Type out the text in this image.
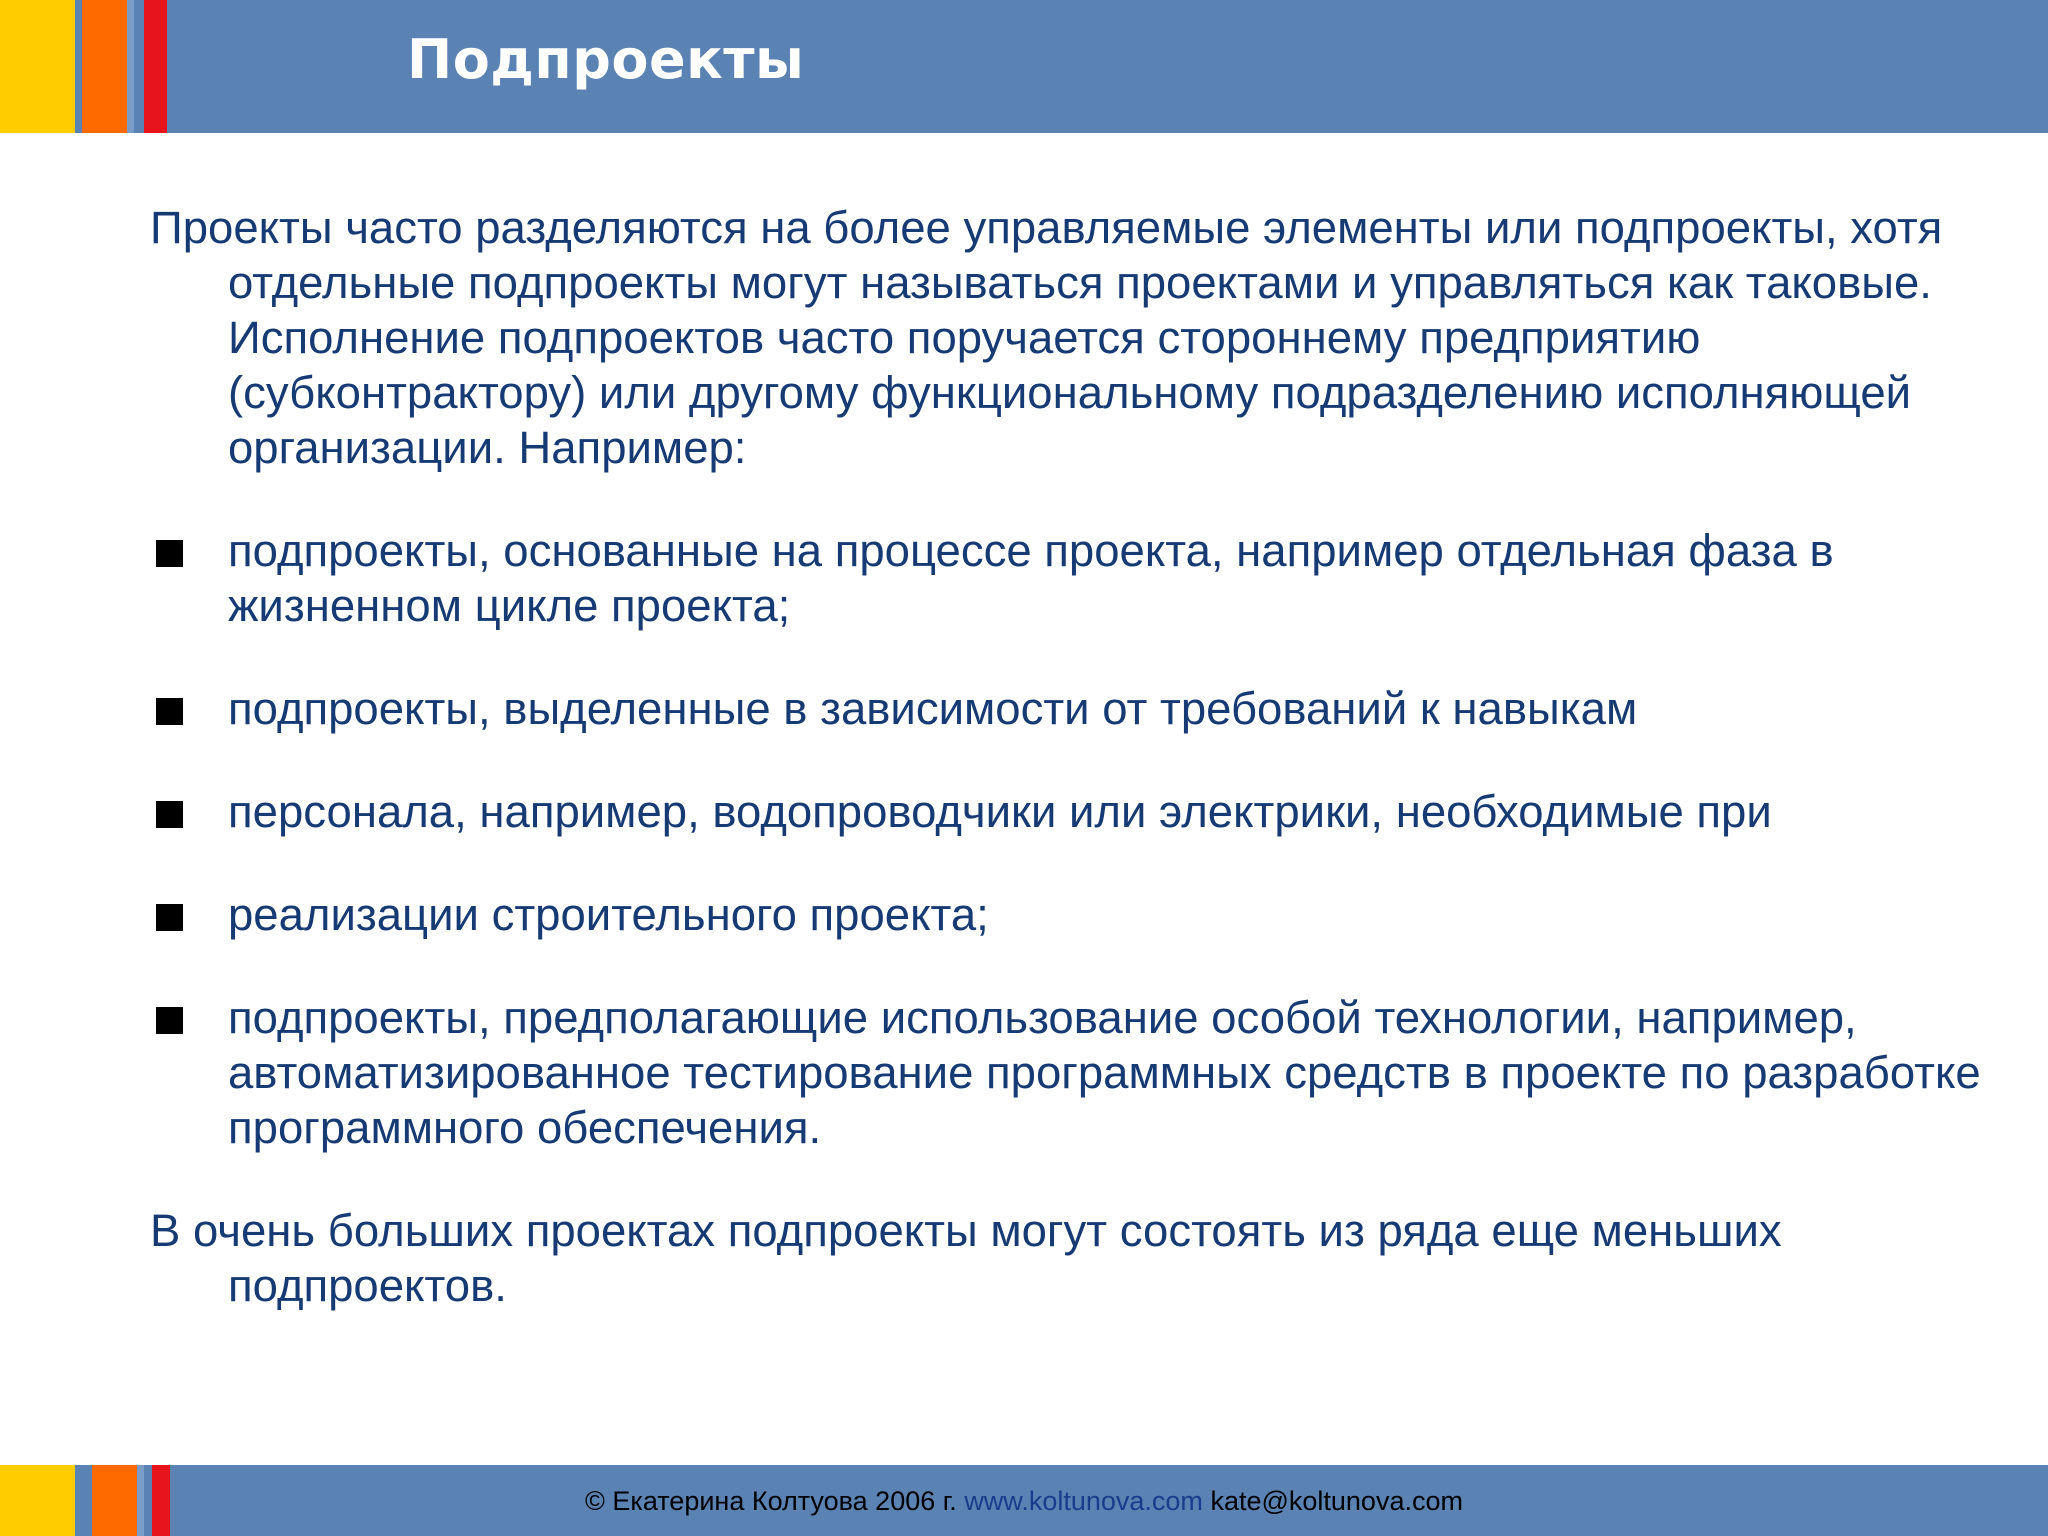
Подпроекты

Проекты часто разделяются на более управляемые элементы или подпроекты, хотя отдельные подпроекты могут называться проектами и управляться как таковые. Исполнение подпроектов часто поручается стороннему предприятию (субконтрактору) или другому функциональному подразделению исполняющей организации. Например:

подпроекты, основанные на процессе проекта, например отдельная фаза в жизненном цикле проекта;
подпроекты, выделенные в зависимости от требований к навыкам
персонала, например, водопроводчики или электрики, необходимые при
реализации строительного проекта;
подпроекты, предполагающие использование особой технологии, например, автоматизированное тестирование программных средств в проекте по разработке программного обеспечения.

В очень больших проектах подпроекты могут состоять из ряда еще меньших подпроектов.

© Екатерина Колтуова 2006 г. www.koltunova.com kate@koltunova.com
